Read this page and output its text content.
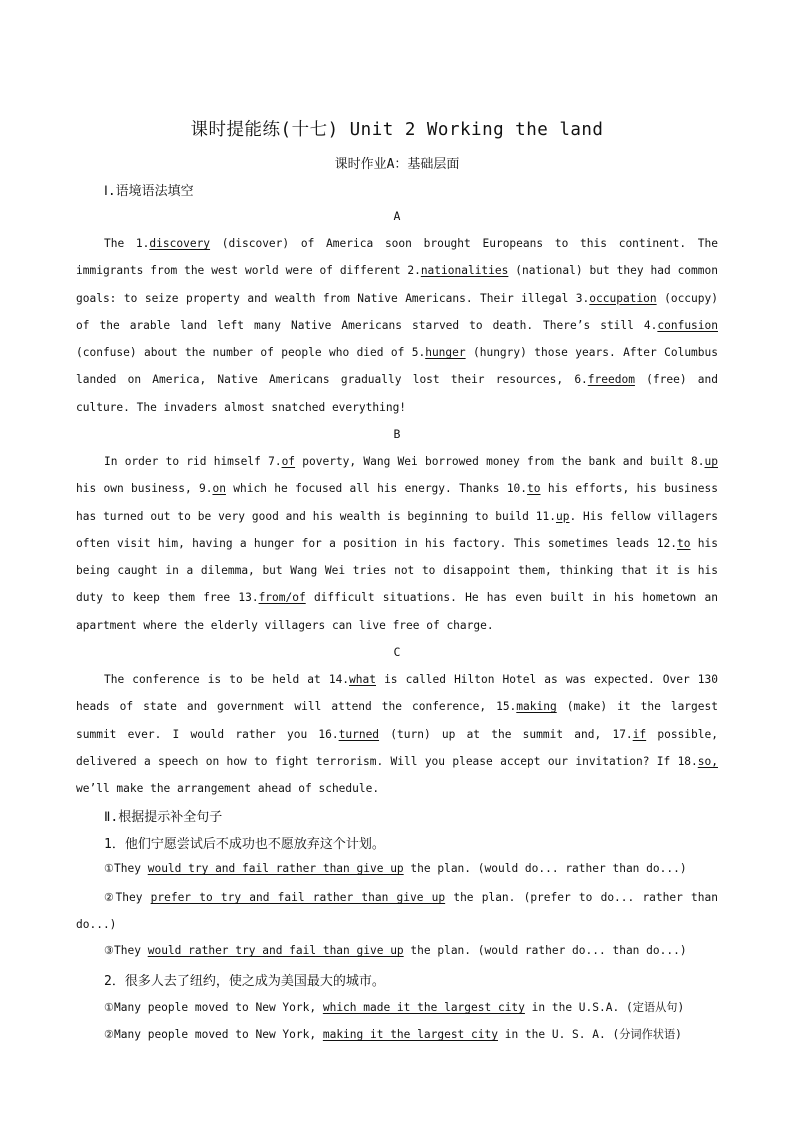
课时提能练(十七) Unit 2 Working the land
课时作业A：基础层面
Ⅰ.语境语法填空
A

The 1.discovery (discover) of America soon brought Europeans to this continent. The immigrants from the west world were of different 2.nationalities (national) but they had common goals: to seize property and wealth from Native Americans. Their illegal 3.occupation (occupy) of the arable land left many Native Americans starved to death. There’s still 4.confusion (confuse) about the number of people who died of 5.hunger (hungry) those years. After Columbus landed on America, Native Americans gradually lost their resources, 6.freedom (free) and culture. The invaders almost snatched everything!

B

In order to rid himself 7.of poverty, Wang Wei borrowed money from the bank and built 8.up his own business, 9.on which he focused all his energy. Thanks 10.to his efforts, his business has turned out to be very good and his wealth is beginning to build 11.up. His fellow villagers often visit him, having a hunger for a position in his factory. This sometimes leads 12.to his being caught in a dilemma, but Wang Wei tries not to disappoint them, thinking that it is his duty to keep them free 13.from/of difficult situations. He has even built in his hometown an apartment where the elderly villagers can live free of charge.

C

The conference is to be held at 14.what is called Hilton Hotel as was expected. Over 130 heads of state and government will attend the conference, 15.making (make) it the largest summit ever. I would rather you 16.turned (turn) up at the summit and, 17.if possible, delivered a speech on how to fight terrorism. Will you please accept our invitation? If 18.so, we’ll make the arrangement ahead of schedule.

Ⅱ.根据提示补全句子
1．他们宁愿尝试后不成功也不愿放弃这个计划。
①They would try and fail rather than give up the plan. (would do... rather than do...)

②They prefer to try and fail rather than give up the plan. (prefer to do... rather than do...)

③They would rather try and fail than give up the plan. (would rather do... than do...)
2．很多人去了纽约，使之成为美国最大的城市。
①Many people moved to New York, which made it the largest city in the U.S.A. (定语从句)
②Many people moved to New York, making it the largest city in the U. S. A. (分词作状语)
